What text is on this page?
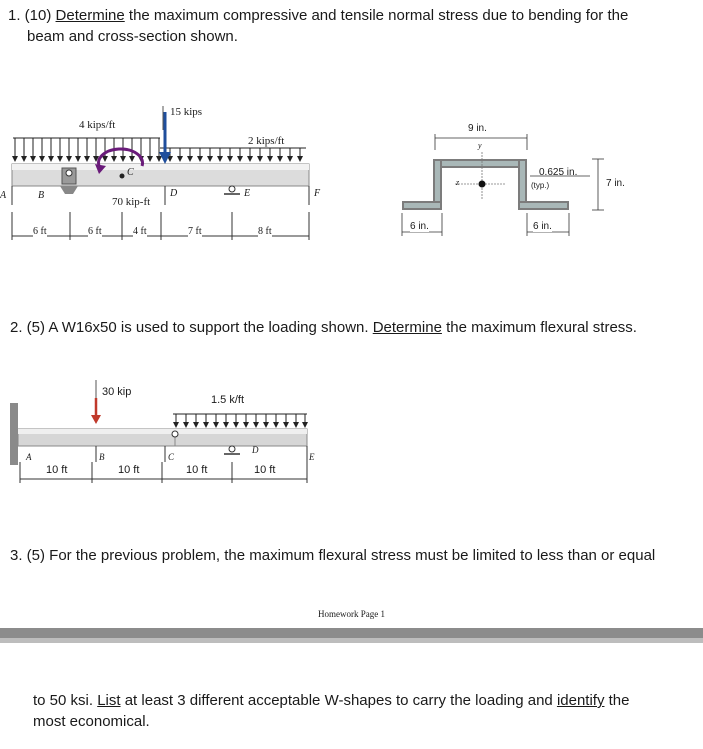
1. (10) Determine the maximum compressive and tensile normal stress due to bending for the
beam and cross-section shown.
4 kips/ft
15 kips
2 kips/ft
70 kip-ft
A	B
C
D	E	F
6 ft	6 ft	4 ft	7 ft	8 ft
9 in.
y
z
0.625 in.
(typ.)	7 in.
6 in.	6 in.
2. (5) A W16x50 is used to support the loading shown. Determine the maximum flexural stress.
30 kip
1.5 k/ft
A	B	C
D
E
10 ft	10 ft	10 ft	10 ft
3. (5) For the previous problem, the maximum flexural stress must be limited to less than or equal
Homework Page 1
to 50 ksi. List at least 3 different acceptable W-shapes to carry the loading and identify the
most economical.
